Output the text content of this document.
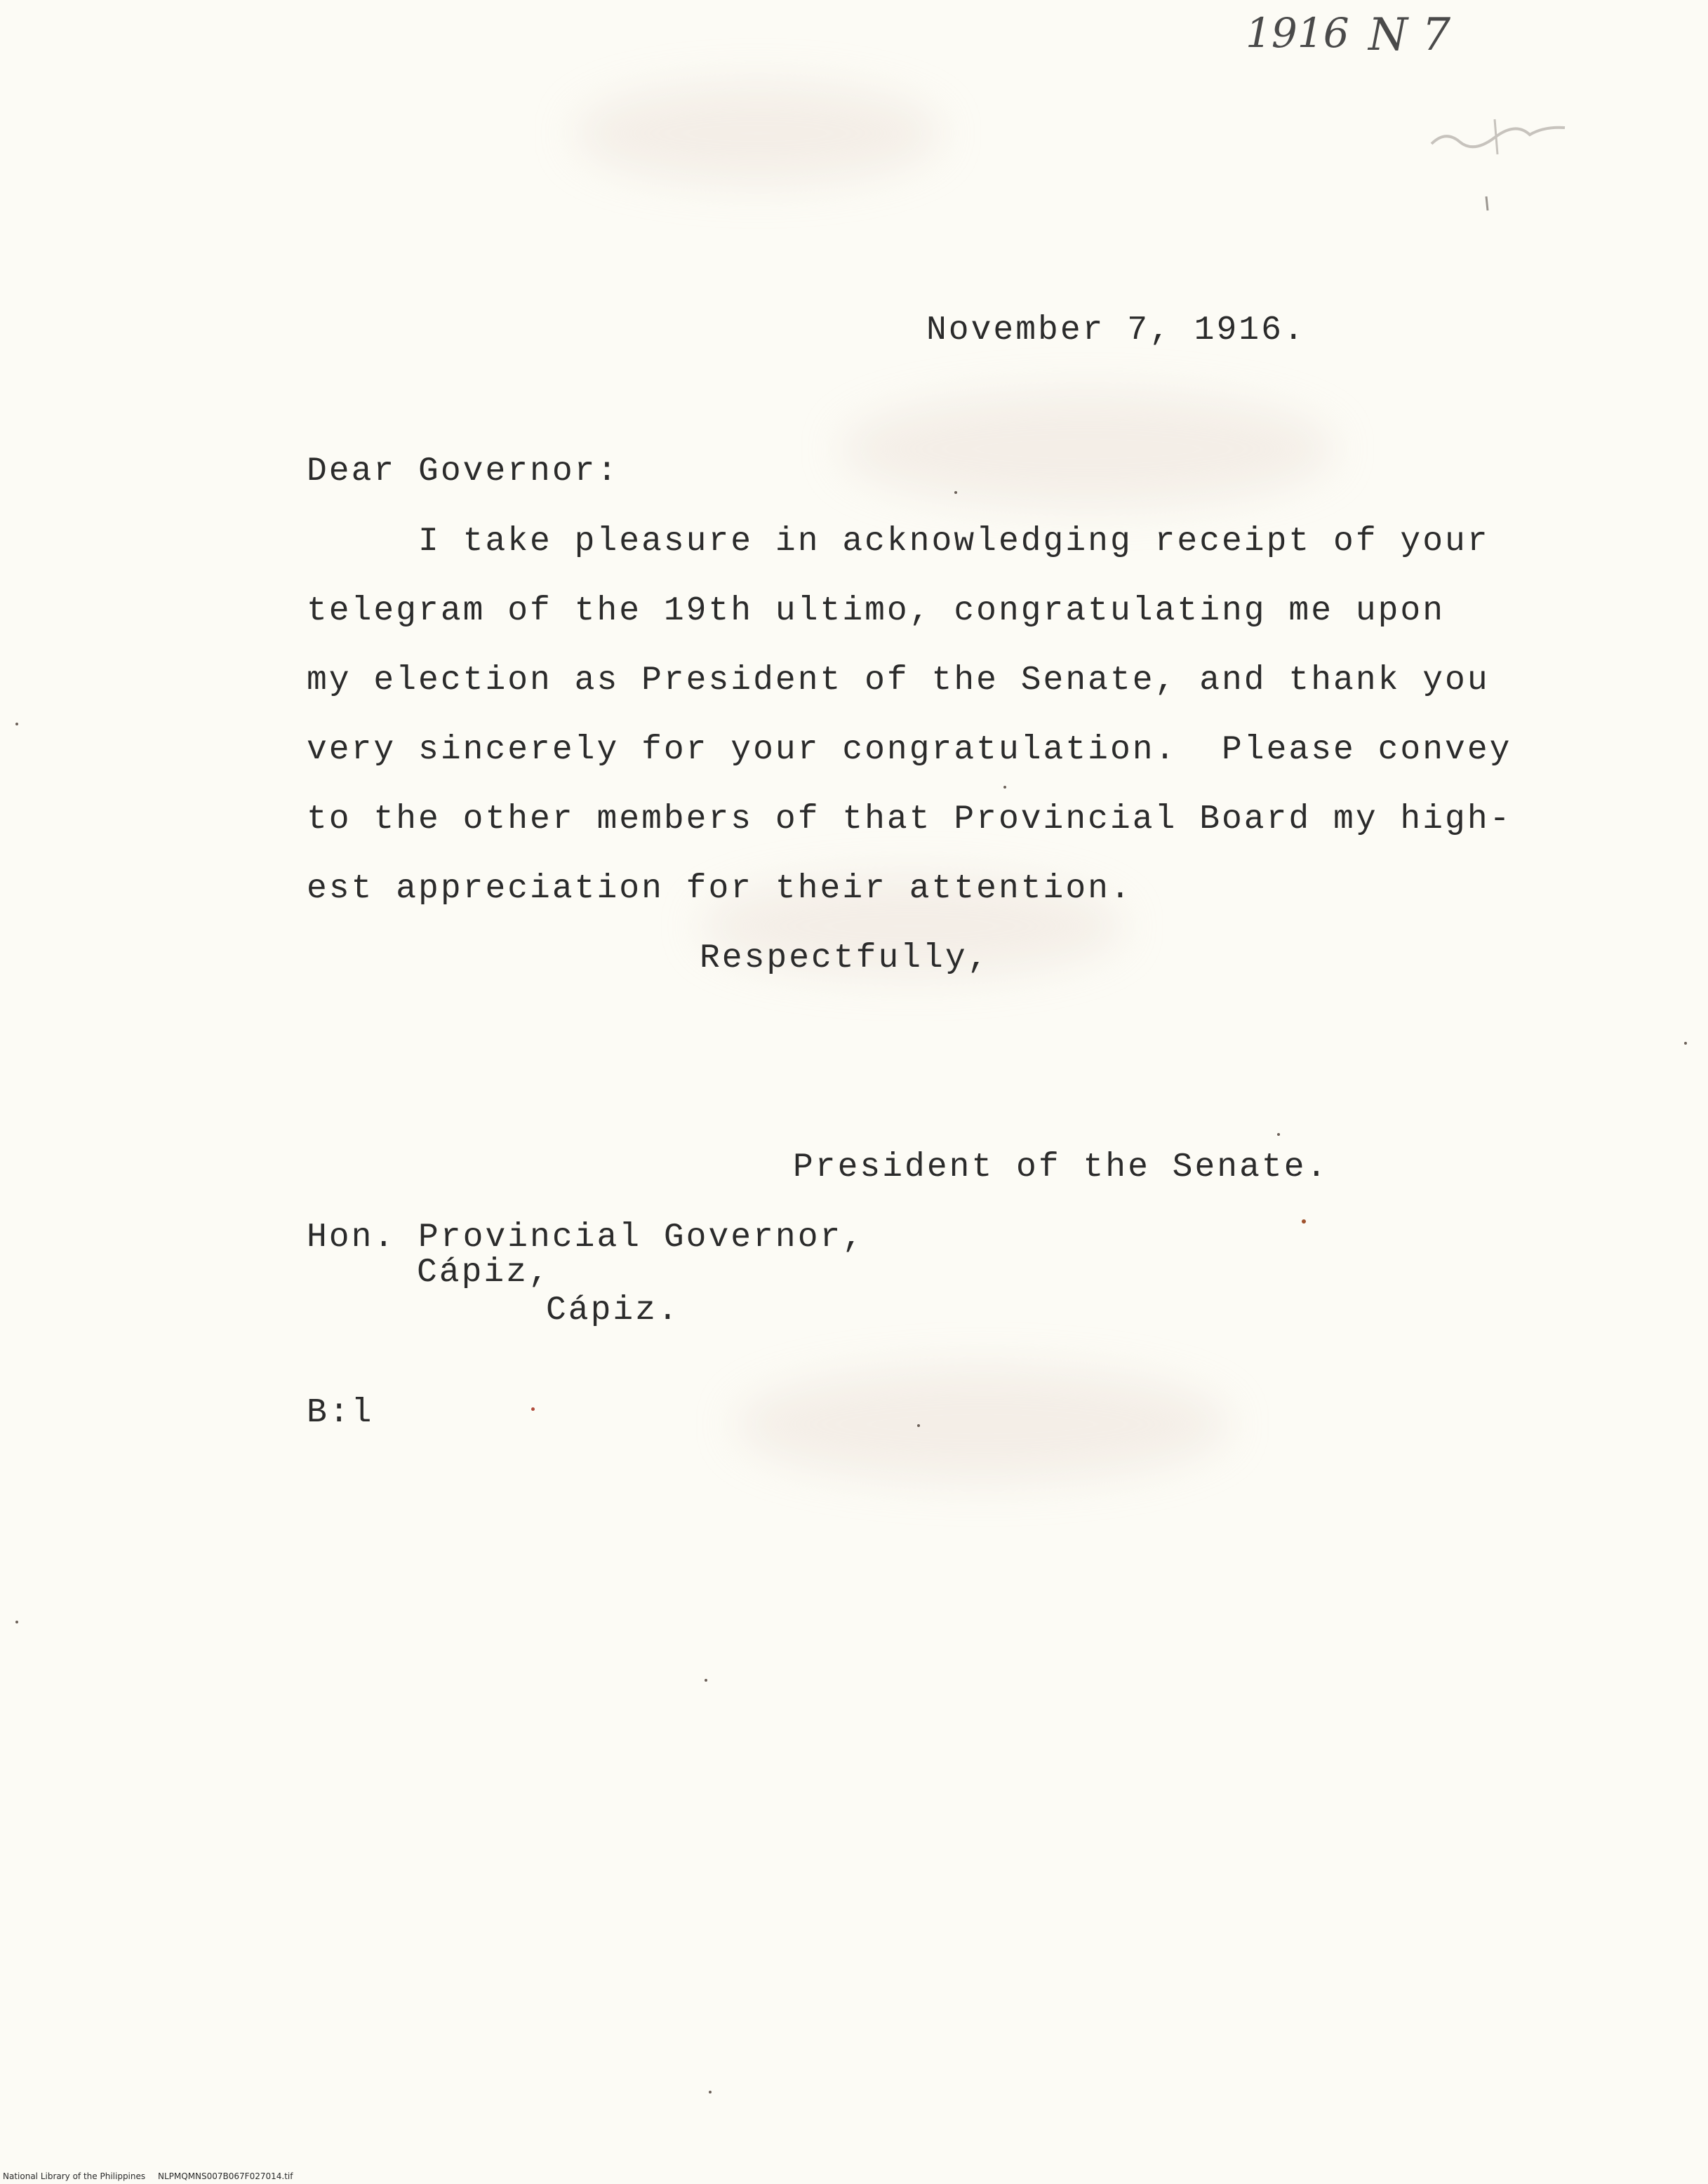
1916 N 7
November 7, 1916.
Dear Governor:
I take pleasure in acknowledging receipt of your
telegram of the 19th ultimo, congratulating me upon
my election as President of the Senate, and thank you
very sincerely for your congratulation.  Please convey
to the other members of that Provincial Board my high-
est appreciation for their attention.
Respectfully,
President of the Senate.
Hon. Provincial Governor,
Cápiz,
Cápiz.
B:l
National Library of the Philippines NLPMQMNS007B067F027014.tif
